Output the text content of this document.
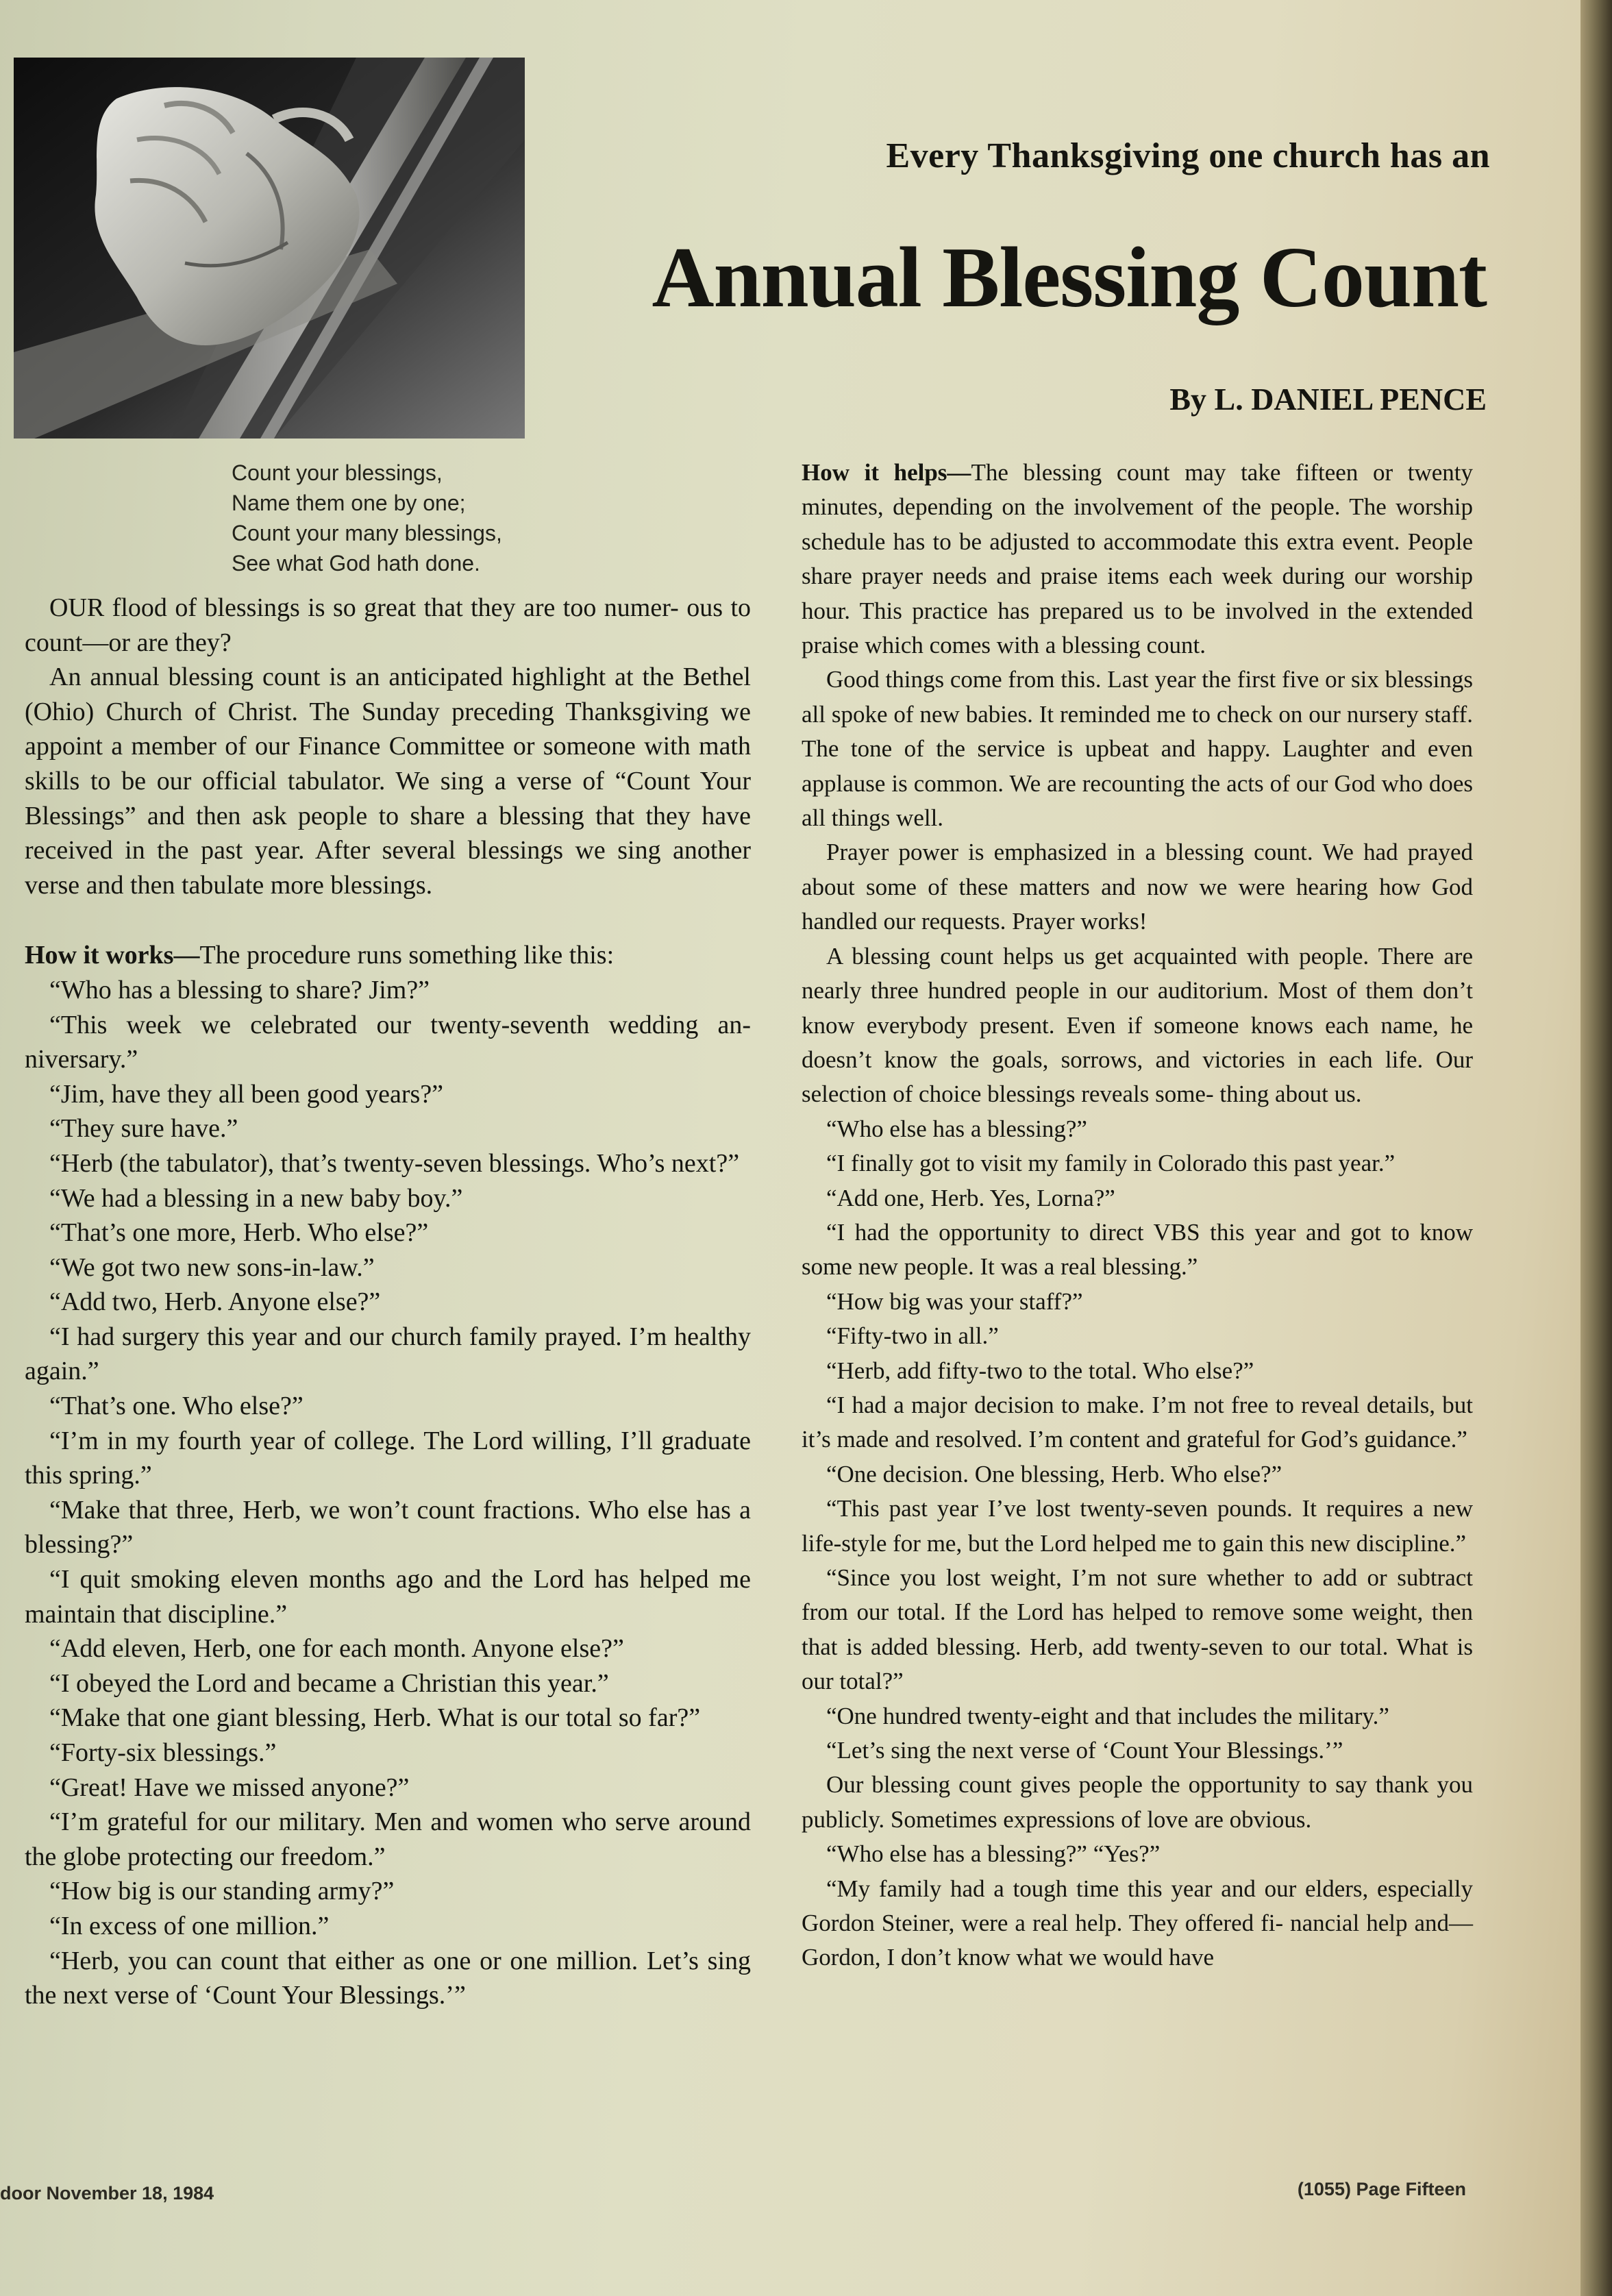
Every Thanksgiving one church has an
Annual Blessing Count
By L. DANIEL PENCE
Count your blessings,
Name them one by one;
Count your many blessings,
See what God hath done.

OUR flood of blessings is so great that they are too numer- ous to count—or are they?

An annual blessing count is an anticipated highlight at the Bethel (Ohio) Church of Christ. The Sunday preceding Thanksgiving we appoint a member of our Finance Committee or someone with math skills to be our official tabulator. We sing a verse of “Count Your Blessings” and then ask people to share a blessing that they have received in the past year. After several blessings we sing another verse and then tabulate more blessings.

How it works—The procedure runs something like this:

“Who has a blessing to share? Jim?”

“This week we celebrated our twenty-seventh wedding an- niversary.”

“Jim, have they all been good years?”

“They sure have.”

“Herb (the tabulator), that’s twenty-seven blessings. Who’s next?”

“We had a blessing in a new baby boy.”

“That’s one more, Herb. Who else?”

“We got two new sons-in-law.”

“Add two, Herb. Anyone else?”

“I had surgery this year and our church family prayed. I’m healthy again.”

“That’s one. Who else?”

“I’m in my fourth year of college. The Lord willing, I’ll graduate this spring.”

“Make that three, Herb, we won’t count fractions. Who else has a blessing?”

“I quit smoking eleven months ago and the Lord has helped me maintain that discipline.”

“Add eleven, Herb, one for each month. Anyone else?”

“I obeyed the Lord and became a Christian this year.”

“Make that one giant blessing, Herb. What is our total so far?”

“Forty-six blessings.”

“Great! Have we missed anyone?”

“I’m grateful for our military. Men and women who serve around the globe protecting our freedom.”

“How big is our standing army?”

“In excess of one million.”

“Herb, you can count that either as one or one million. Let’s sing the next verse of ‘Count Your Blessings.’”

How it helps—The blessing count may take fifteen or twenty minutes, depending on the involvement of the people. The worship schedule has to be adjusted to accommodate this extra event. People share prayer needs and praise items each week during our worship hour. This practice has prepared us to be involved in the extended praise which comes with a blessing count.

Good things come from this. Last year the first five or six blessings all spoke of new babies. It reminded me to check on our nursery staff. The tone of the service is upbeat and happy. Laughter and even applause is common. We are recounting the acts of our God who does all things well.

Prayer power is emphasized in a blessing count. We had prayed about some of these matters and now we were hearing how God handled our requests. Prayer works!

A blessing count helps us get acquainted with people. There are nearly three hundred people in our auditorium. Most of them don’t know everybody present. Even if someone knows each name, he doesn’t know the goals, sorrows, and victories in each life. Our selection of choice blessings reveals some- thing about us.

“Who else has a blessing?”

“I finally got to visit my family in Colorado this past year.”

“Add one, Herb. Yes, Lorna?”

“I had the opportunity to direct VBS this year and got to know some new people. It was a real blessing.”

“How big was your staff?”

“Fifty-two in all.”

“Herb, add fifty-two to the total. Who else?”

“I had a major decision to make. I’m not free to reveal details, but it’s made and resolved. I’m content and grateful for God’s guidance.”

“One decision. One blessing, Herb. Who else?”

“This past year I’ve lost twenty-seven pounds. It requires a new life-style for me, but the Lord helped me to gain this new discipline.”

“Since you lost weight, I’m not sure whether to add or subtract from our total. If the Lord has helped to remove some weight, then that is added blessing. Herb, add twenty-seven to our total. What is our total?”

“One hundred twenty-eight and that includes the military.”

“Let’s sing the next verse of ‘Count Your Blessings.’”

Our blessing count gives people the opportunity to say thank you publicly. Sometimes expressions of love are obvious.

“Who else has a blessing?” “Yes?”

“My family had a tough time this year and our elders, especially Gordon Steiner, were a real help. They offered fi- nancial help and—Gordon, I don’t know what we would have

door November 18, 1984	(1055) Page Fifteen
